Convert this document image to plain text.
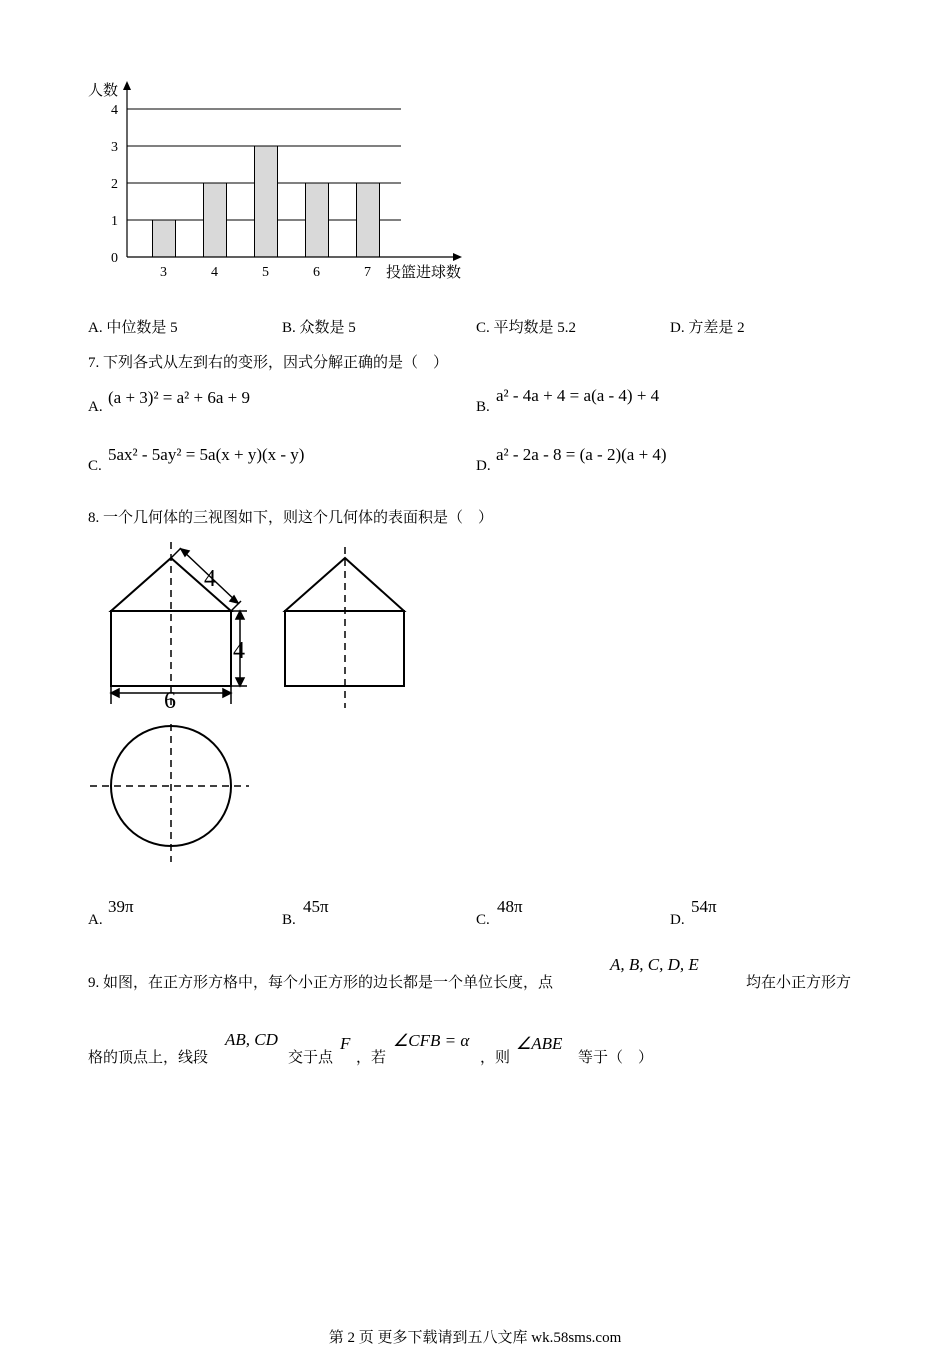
0
1
2
3
4
3	4	5	6	7
人数
投篮进球数
A. 中位数是 5	B. 众数是 5	C. 平均数是 5.2	D. 方差是 2
7. 下列各式从左到右的变形，因式分解正确的是（　）
A. (a + 3)² = a² + 6a + 9	B.
a² - 4a + 4 = a(a - 4) + 4
C.
5ax² - 5ay² = 5a(x + y)(x - y)
D.
a² - 2a - 8 = (a - 2)(a + 4)
8. 一个几何体的三视图如下，则这个几何体的表面积是（　）
4
4
6
A.
39π
B.
45π
C.
48π
D.
54π
9. 如图，在正方形方格中，每个小正方形的边长都是一个单位长度，点
A, B, C, D, E
均在小正方形方
格的顶点上，线段
AB, CD
交于点
F
，若
∠CFB = α
，则
∠ABE
等于（　）
第 2 页 更多下载请到五八文库 wk.58sms.com
